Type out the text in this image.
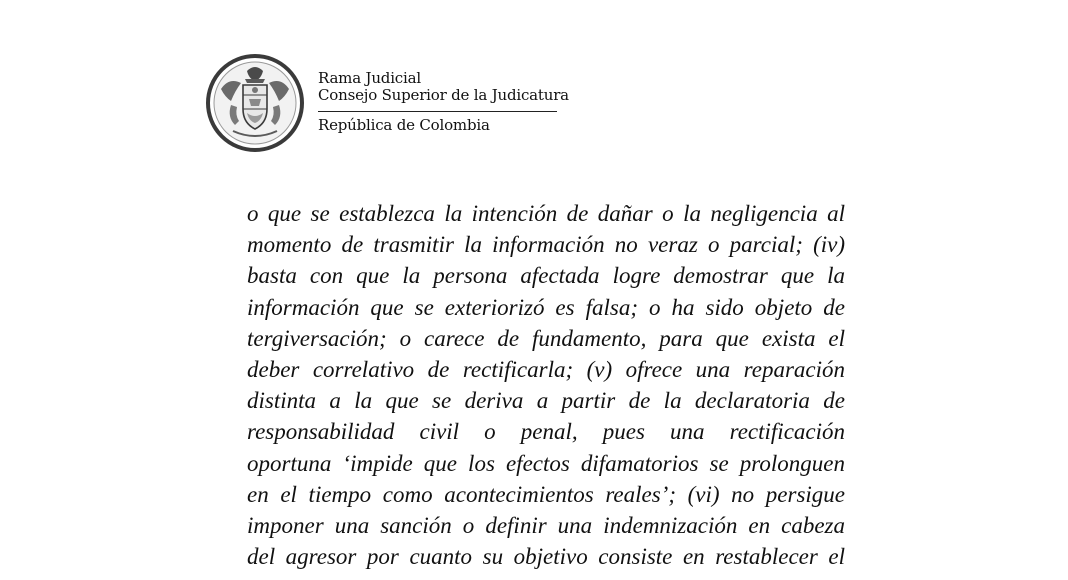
Rama Judicial
Consejo Superior de la Judicatura
República de Colombia
o que se establezca la intención de dañar o la negligencia al
momento de trasmitir la información no veraz o parcial; (iv)
basta con que la persona afectada logre demostrar que la
información que se exteriorizó es falsa; o ha sido objeto de
tergiversación; o carece de fundamento, para que exista el
deber correlativo de rectificarla; (v) ofrece una reparación
distinta a la que se deriva a partir de la declaratoria de
responsabilidad civil o penal, pues una rectificación
oportuna ‘impide que los efectos difamatorios se prolonguen
en el tiempo como acontecimientos reales’; (vi) no persigue
imponer una sanción o definir una indemnización en cabeza
del agresor por cuanto su objetivo consiste en restablecer el
